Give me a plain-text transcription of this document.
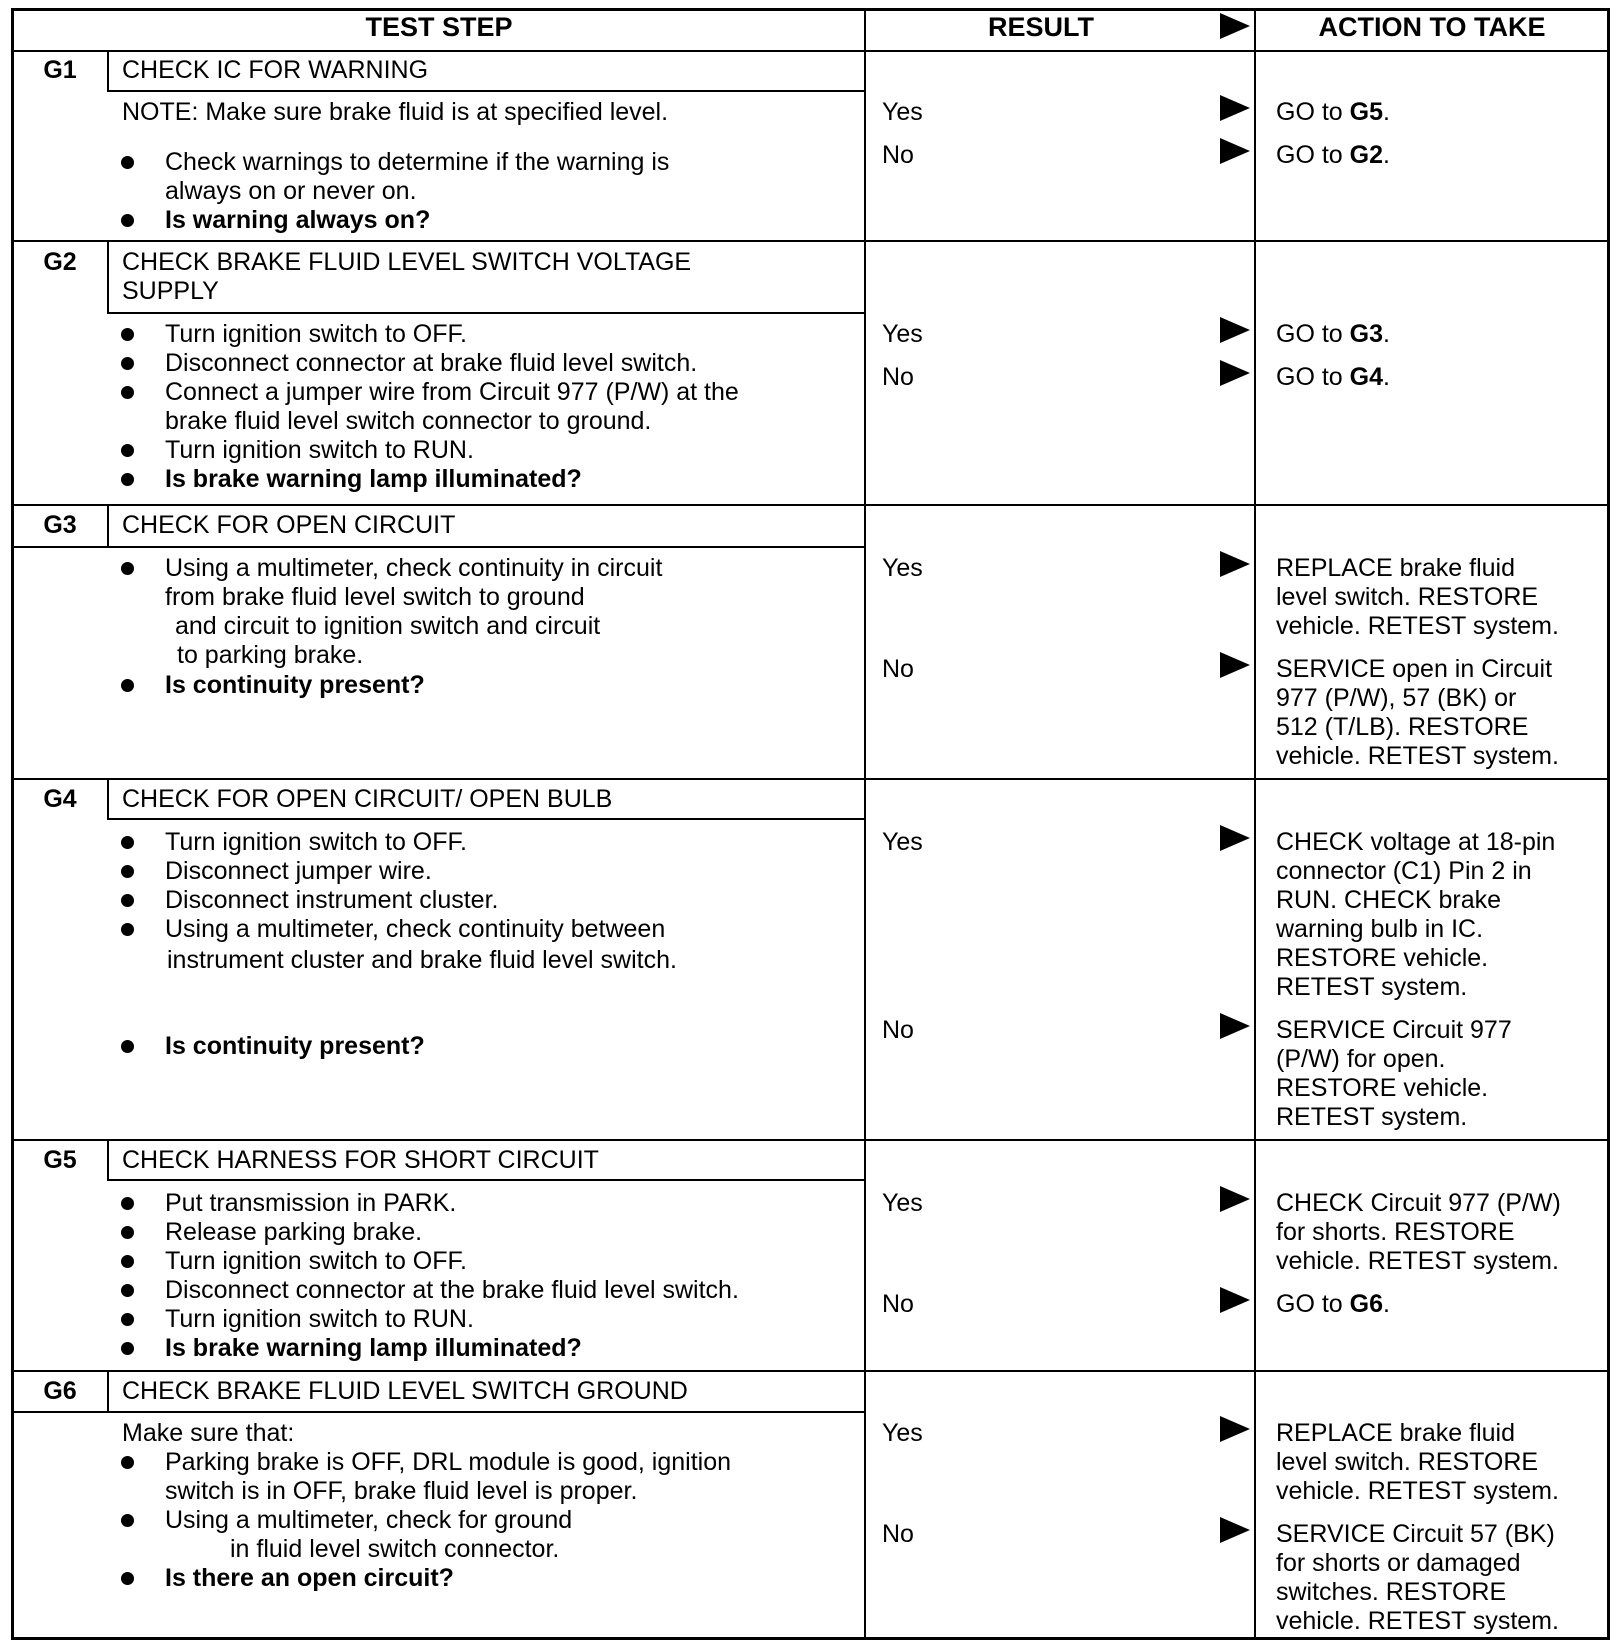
TEST STEP	RESULT	ACTION TO TAKE
G1	CHECK IC FOR WARNING
NOTE: Make sure brake fluid is at specified level.
Check warnings to determine if the warning is
always on or never on.
Is warning always on?
Yes	GO to G5.
No	GO to G2.
G2	CHECK BRAKE FLUID LEVEL SWITCH VOLTAGE
SUPPLY
Turn ignition switch to OFF.
Disconnect connector at brake fluid level switch.
Connect a jumper wire from Circuit 977 (P/W) at the
brake fluid level switch connector to ground.
Turn ignition switch to RUN.
Is brake warning lamp illuminated?
Yes	GO to G3.
No	GO to G4.
G3	CHECK FOR OPEN CIRCUIT
Using a multimeter, check continuity in circuit
from brake fluid level switch to ground
and circuit to ignition switch and circuit
to parking brake.
Is continuity present?
Yes	REPLACE brake fluid
level switch. RESTORE
vehicle. RETEST system.
No	SERVICE open in Circuit
977 (P/W), 57 (BK) or
512 (T/LB). RESTORE
vehicle. RETEST system.
G4	CHECK FOR OPEN CIRCUIT/ OPEN BULB
Turn ignition switch to OFF.
Disconnect jumper wire.
Disconnect instrument cluster.
Using a multimeter, check continuity between
instrument cluster and brake fluid level switch.
Is continuity present?
Yes	CHECK voltage at 18-pin
connector (C1) Pin 2 in
RUN. CHECK brake
warning bulb in IC.
RESTORE vehicle.
RETEST system.
No	SERVICE Circuit 977
(P/W) for open.
RESTORE vehicle.
RETEST system.
G5	CHECK HARNESS FOR SHORT CIRCUIT
Put transmission in PARK.
Release parking brake.
Turn ignition switch to OFF.
Disconnect connector at the brake fluid level switch.
Turn ignition switch to RUN.
Is brake warning lamp illuminated?
Yes	CHECK Circuit 977 (P/W)
for shorts. RESTORE
vehicle. RETEST system.
No	GO to G6.
G6	CHECK BRAKE FLUID LEVEL SWITCH GROUND
Make sure that:
Parking brake is OFF, DRL module is good, ignition
switch is in OFF, brake fluid level is proper.
Using a multimeter, check for ground
in fluid level switch connector.
Is there an open circuit?
Yes	REPLACE brake fluid
level switch. RESTORE
vehicle. RETEST system.
No	SERVICE Circuit 57 (BK)
for shorts or damaged
switches. RESTORE
vehicle. RETEST system.
